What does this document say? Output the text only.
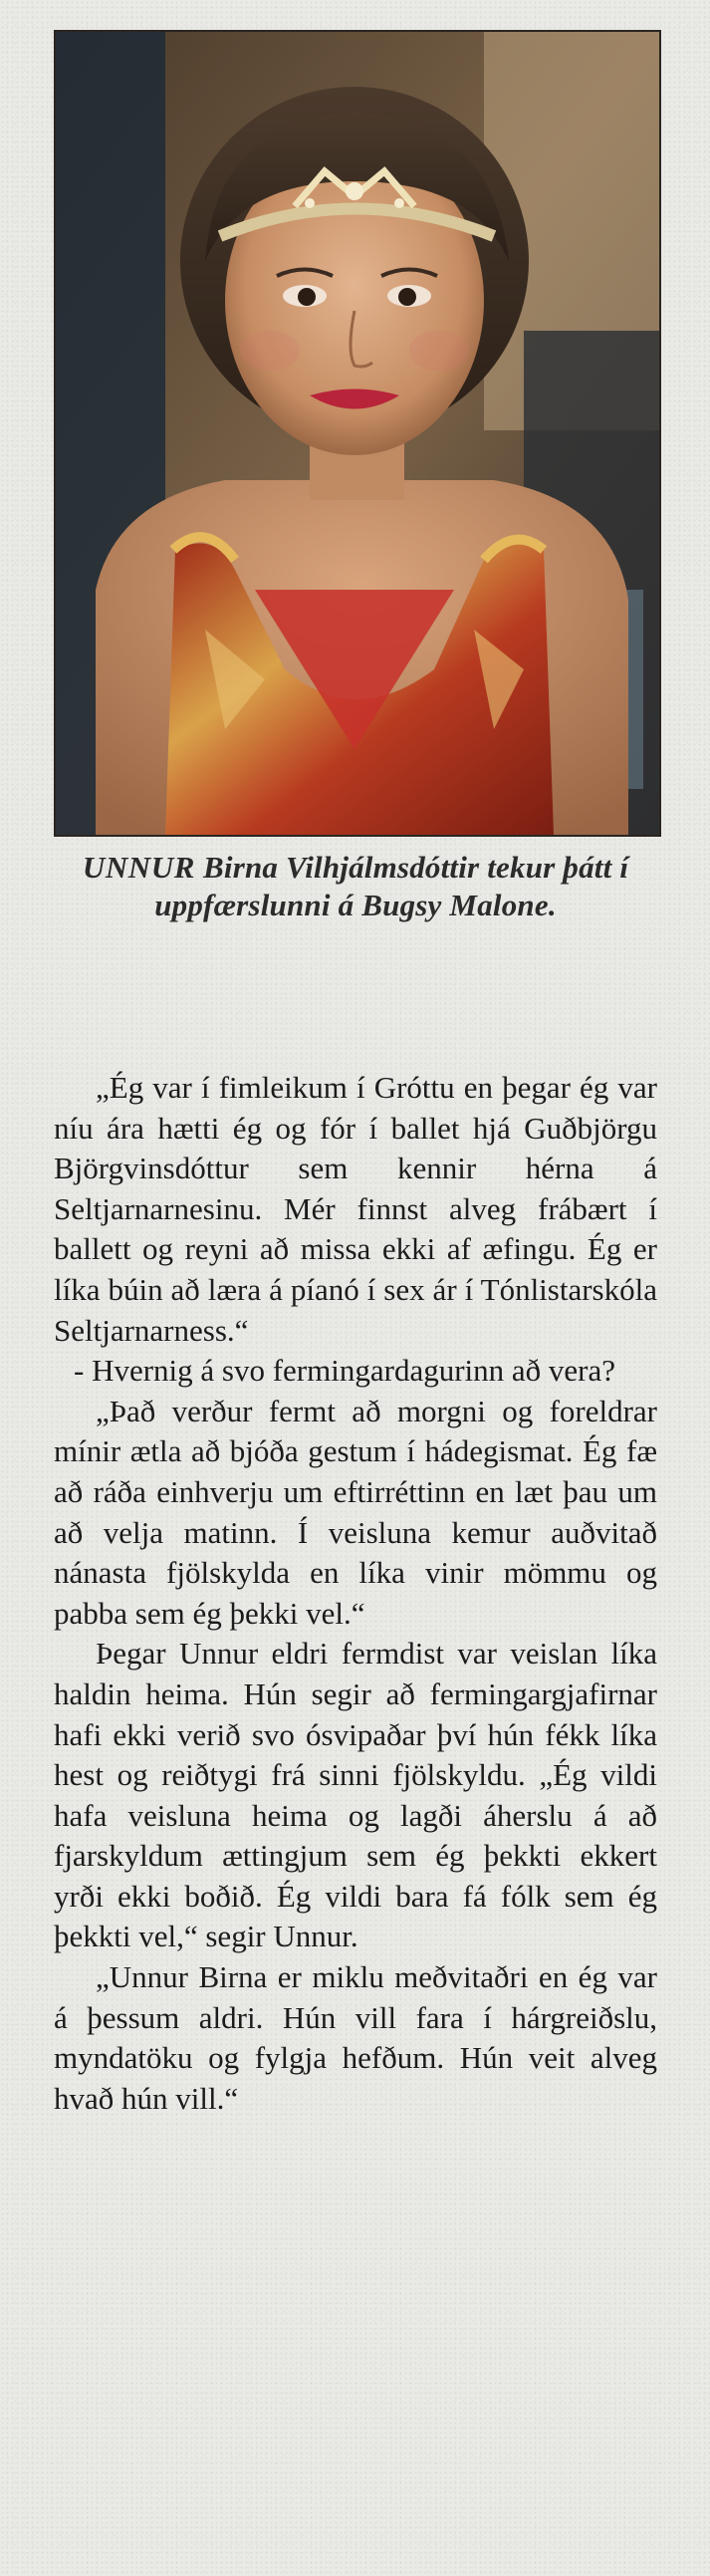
UNNUR Birna Vilhjálmsdóttir tekur þátt í uppfærslunni á Bugsy Malone.

„Ég var í fimleikum í Gróttu en þegar ég var níu ára hætti ég og fór í ballet hjá Guðbjörgu Björgvinsdóttur sem kennir hérna á Seltjarnarnesinu. Mér finnst alveg frábært í ballett og reyni að missa ekki af æfingu. Ég er líka búin að læra á píanó í sex ár í Tónlistarskóla Seltjarnarness.“

- Hvernig á svo fermingardagurinn að vera?

„Það verður fermt að morgni og foreldrar mínir ætla að bjóða gestum í hádegismat. Ég fæ að ráða einhverju um eftirréttinn en læt þau um að velja matinn. Í veisluna kemur auðvitað nánasta fjölskylda en líka vinir mömmu og pabba sem ég þekki vel.“

Þegar Unnur eldri fermdist var veislan líka haldin heima. Hún segir að fermingargjafirnar hafi ekki verið svo ósvipaðar því hún fékk líka hest og reiðtygi frá sinni fjölskyldu. „Ég vildi hafa veisluna heima og lagði áherslu á að fjarskyldum ættingjum sem ég þekkti ekkert yrði ekki boðið. Ég vildi bara fá fólk sem ég þekkti vel,“ segir Unnur.

„Unnur Birna er miklu meðvitaðri en ég var á þessum aldri. Hún vill fara í hárgreiðslu, myndatöku og fylgja hefðum. Hún veit alveg hvað hún vill.“
